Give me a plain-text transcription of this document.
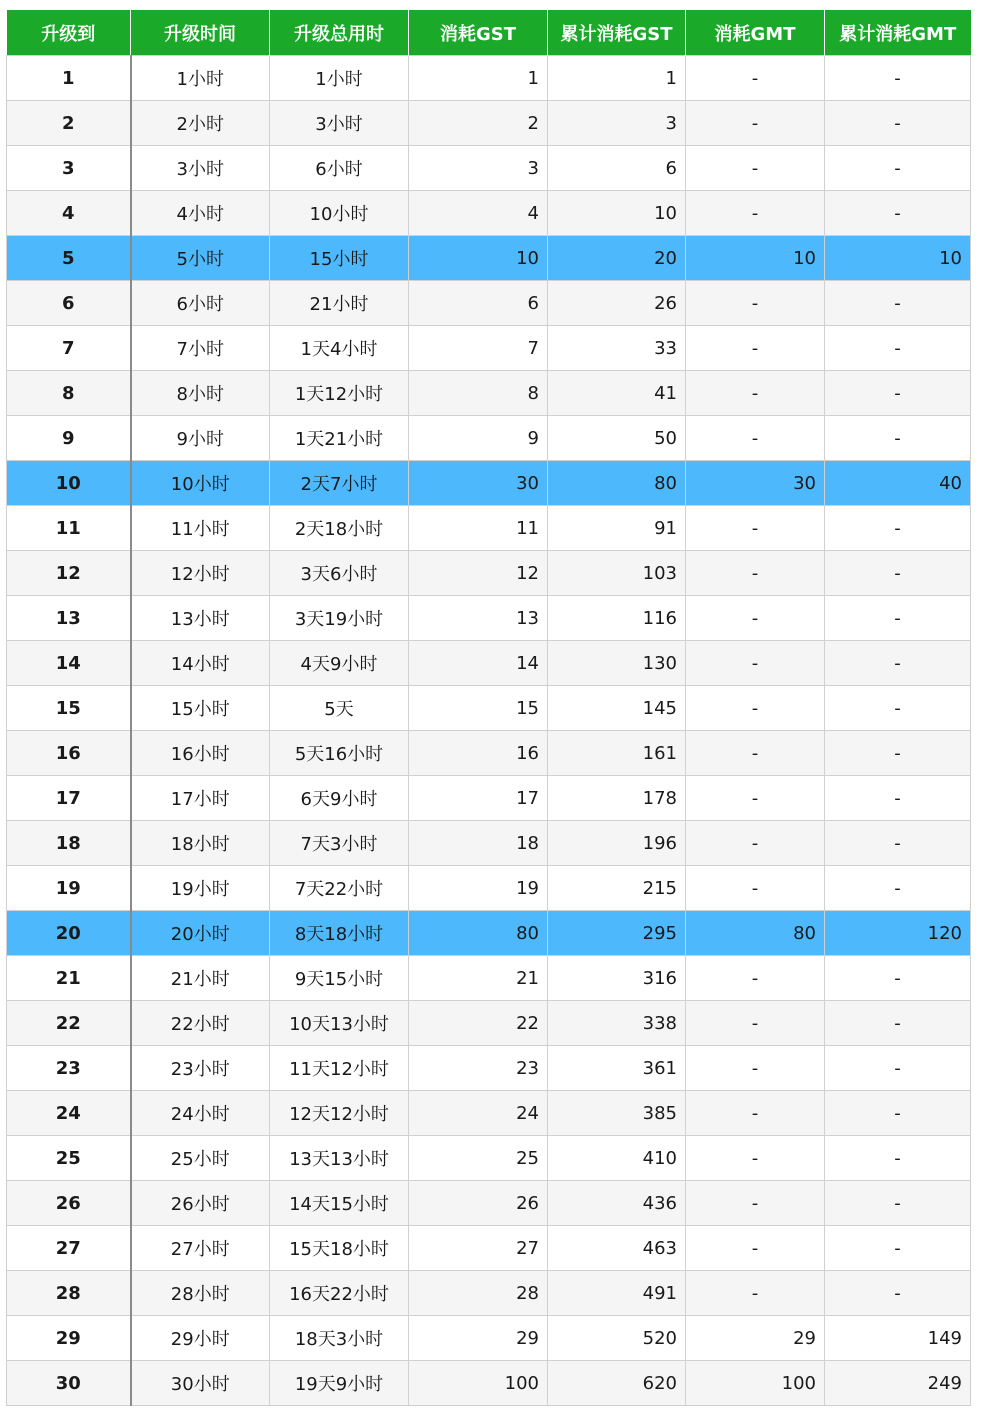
升级到	升级时间	升级总用时	消耗GST	累计消耗GST	消耗GMT	累计消耗GMT
1	1小时	1小时	1	1	-	-
2	2小时	3小时	2	3	-	-
3	3小时	6小时	3	6	-	-
4	4小时	10小时	4	10	-	-
5	5小时	15小时	10	20	10	10
6	6小时	21小时	6	26	-	-
7	7小时	1天4小时	7	33	-	-
8	8小时	1天12小时	8	41	-	-
9	9小时	1天21小时	9	50	-	-
10	10小时	2天7小时	30	80	30	40
11	11小时	2天18小时	11	91	-	-
12	12小时	3天6小时	12	103	-	-
13	13小时	3天19小时	13	116	-	-
14	14小时	4天9小时	14	130	-	-
15	15小时	5天	15	145	-	-
16	16小时	5天16小时	16	161	-	-
17	17小时	6天9小时	17	178	-	-
18	18小时	7天3小时	18	196	-	-
19	19小时	7天22小时	19	215	-	-
20	20小时	8天18小时	80	295	80	120
21	21小时	9天15小时	21	316	-	-
22	22小时	10天13小时	22	338	-	-
23	23小时	11天12小时	23	361	-	-
24	24小时	12天12小时	24	385	-	-
25	25小时	13天13小时	25	410	-	-
26	26小时	14天15小时	26	436	-	-
27	27小时	15天18小时	27	463	-	-
28	28小时	16天22小时	28	491	-	-
29	29小时	18天3小时	29	520	29	149
30	30小时	19天9小时	100	620	100	249
